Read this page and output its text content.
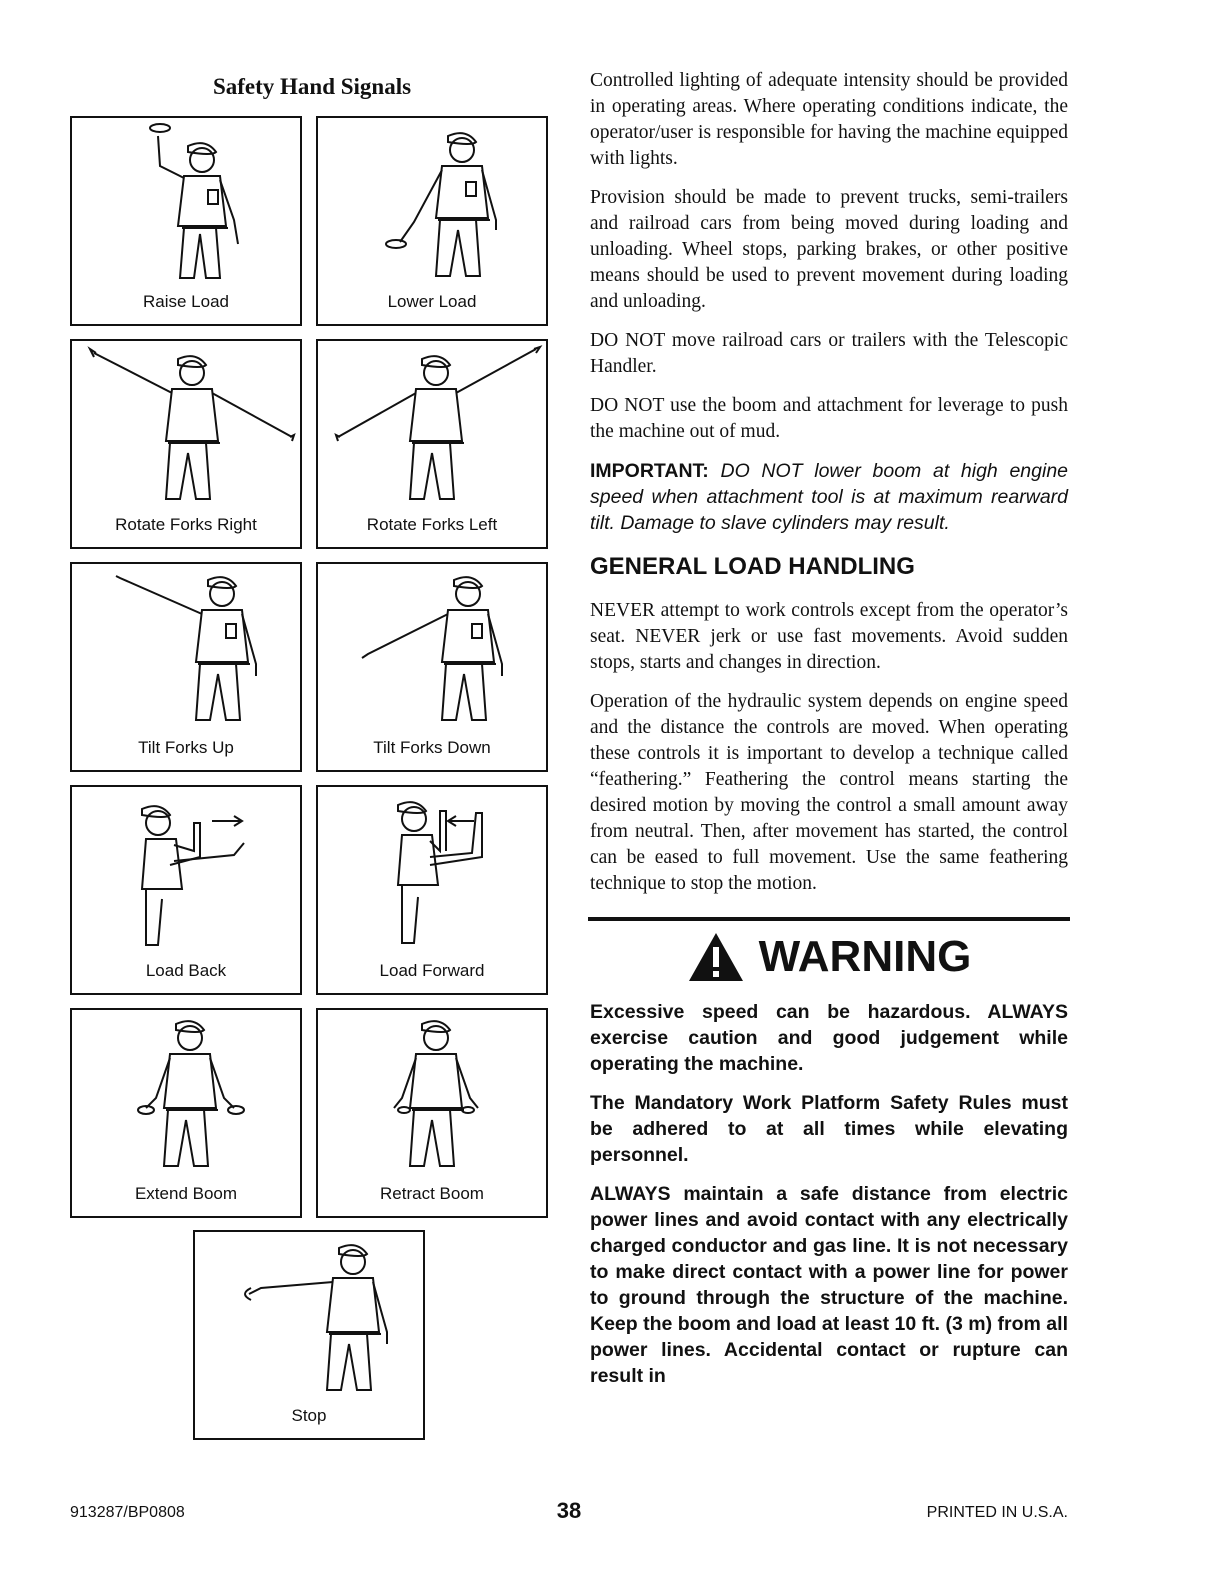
Safety Hand Signals
Raise Load	Lower Load
Rotate Forks Right	Rotate Forks Left
Tilt Forks Up	Tilt Forks Down
Load Back	Load Forward
Extend Boom	Retract Boom
Stop

Controlled lighting of adequate intensity should be provided in operating areas. Where operating conditions indicate, the operator/user is responsible for having the machine equipped with lights.

Provision should be made to prevent trucks, semi-trailers and railroad cars from being moved during loading and unloading. Wheel stops, parking brakes, or other positive means should be used to prevent movement during loading and unloading.

DO NOT move railroad cars or trailers with the Telescopic Handler.

DO NOT use the boom and attachment for leverage to push the machine out of mud.

IMPORTANT: DO NOT lower boom at high engine speed when attachment tool is at maximum rearward tilt. Damage to slave cylinders may result.

GENERAL LOAD HANDLING

NEVER attempt to work controls except from the operator’s seat. NEVER jerk or use fast movements. Avoid sudden stops, starts and changes in direction.

Operation of the hydraulic system depends on engine speed and the distance the controls are moved. When operating these controls it is important to develop a technique called “feathering.” Feathering the control means starting the desired motion by moving the control a small amount away from neutral. Then, after movement has started, the control can be eased to full movement. Use the same feathering technique to stop the motion.

WARNING

Excessive speed can be hazardous. ALWAYS exercise caution and good judgement while operating the machine.

The Mandatory Work Platform Safety Rules must be adhered to at all times while elevating personnel.

ALWAYS maintain a safe distance from electric power lines and avoid contact with any electrically charged conductor and gas line. It is not necessary to make direct contact with a power line for power to ground through the structure of the machine. Keep the boom and load at least 10 ft. (3 m) from all power lines. Accidental contact or rupture can result in

913287/BP0808	38	PRINTED IN U.S.A.
